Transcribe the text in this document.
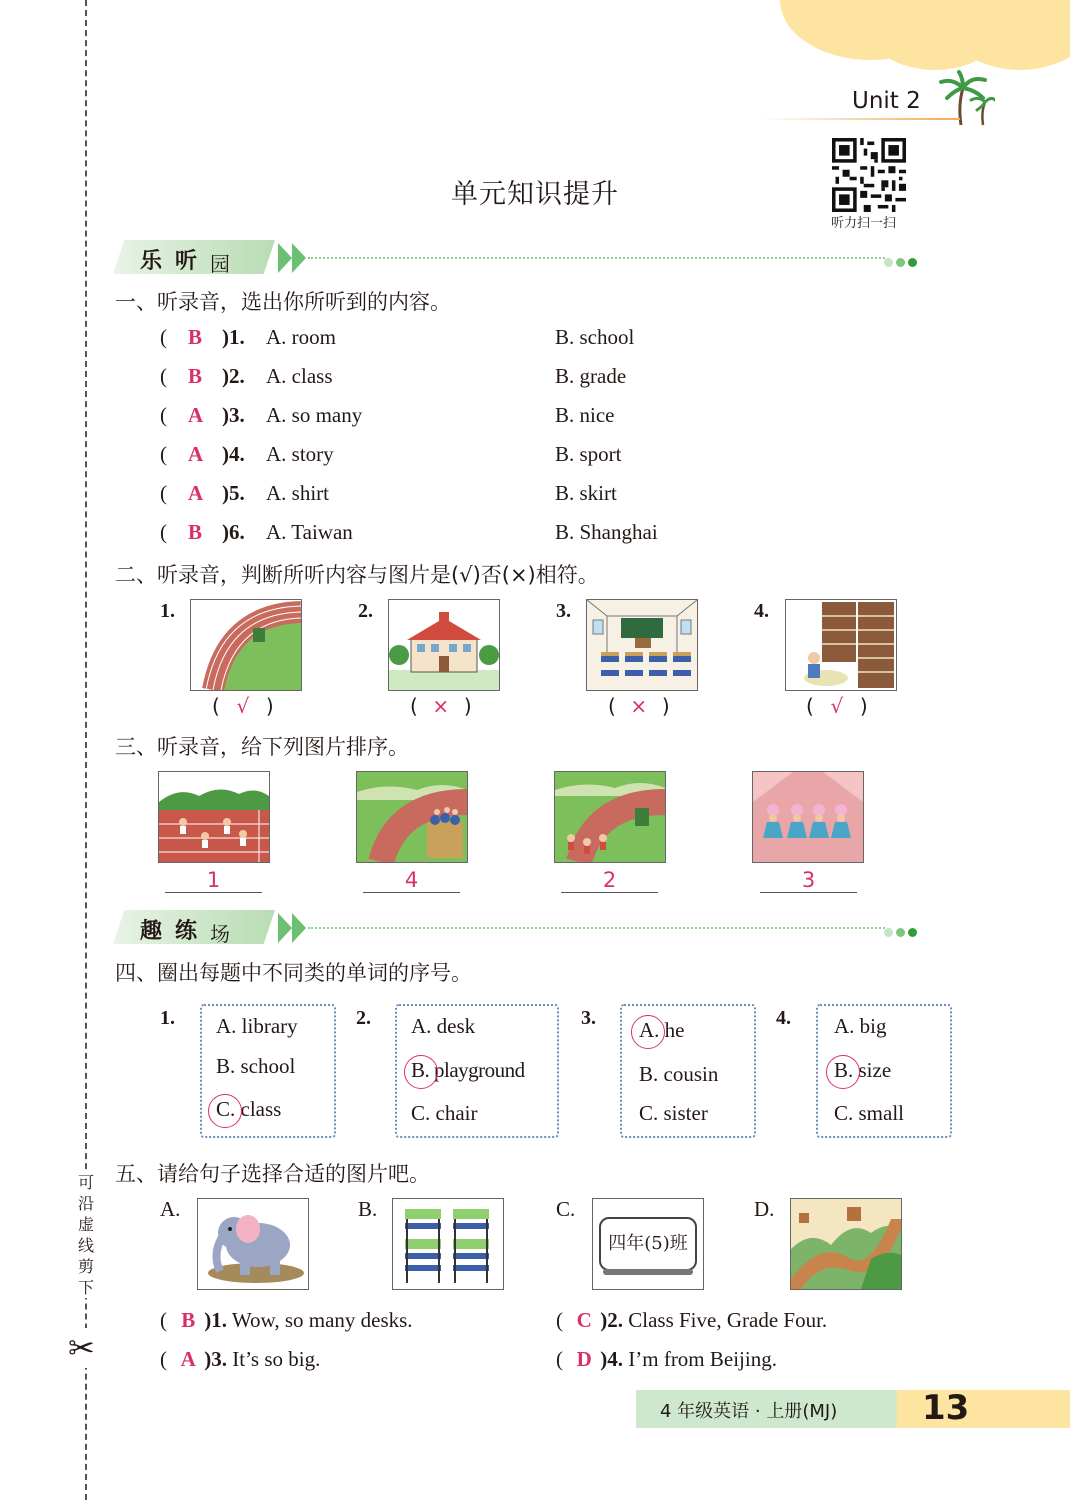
可沿虚线剪下
✂
Unit 2
听力扫一扫
单元知识提升
乐 听 园
一、听录音，选出你所听到的内容。
( B )1. A. room	B. school
( B )2. A. class	B. grade
( A )3. A. so many	B. nice
( A )4. A. story	B. sport
( A )5. A. shirt	B. skirt
( B )6. A. Taiwan	B. Shanghai
二、听录音，判断所听内容与图片是(√)否(×)相符。
1.
( √ )
2.
( × )
3.
( × )
4.
( √ )
三、听录音，给下列图片排序。
1	4	2	3
趣 练 场
四、圈出每题中不同类的单词的序号。
1. A. library
B. school
C. class
2. A. desk
B. playground
C. chair
3. A. he
B. cousin
C. sister
4. A. big
B. size
C. small
五、请给句子选择合适的图片吧。
A.	B.	C.
四年(5)班
D.
( B )1. Wow, so many desks.	( C )2. Class Five, Grade Four.
( A )3. It’s so big.	( D )4. I’m from Beijing.
4 年级英语 · 上册(MJ) 13
